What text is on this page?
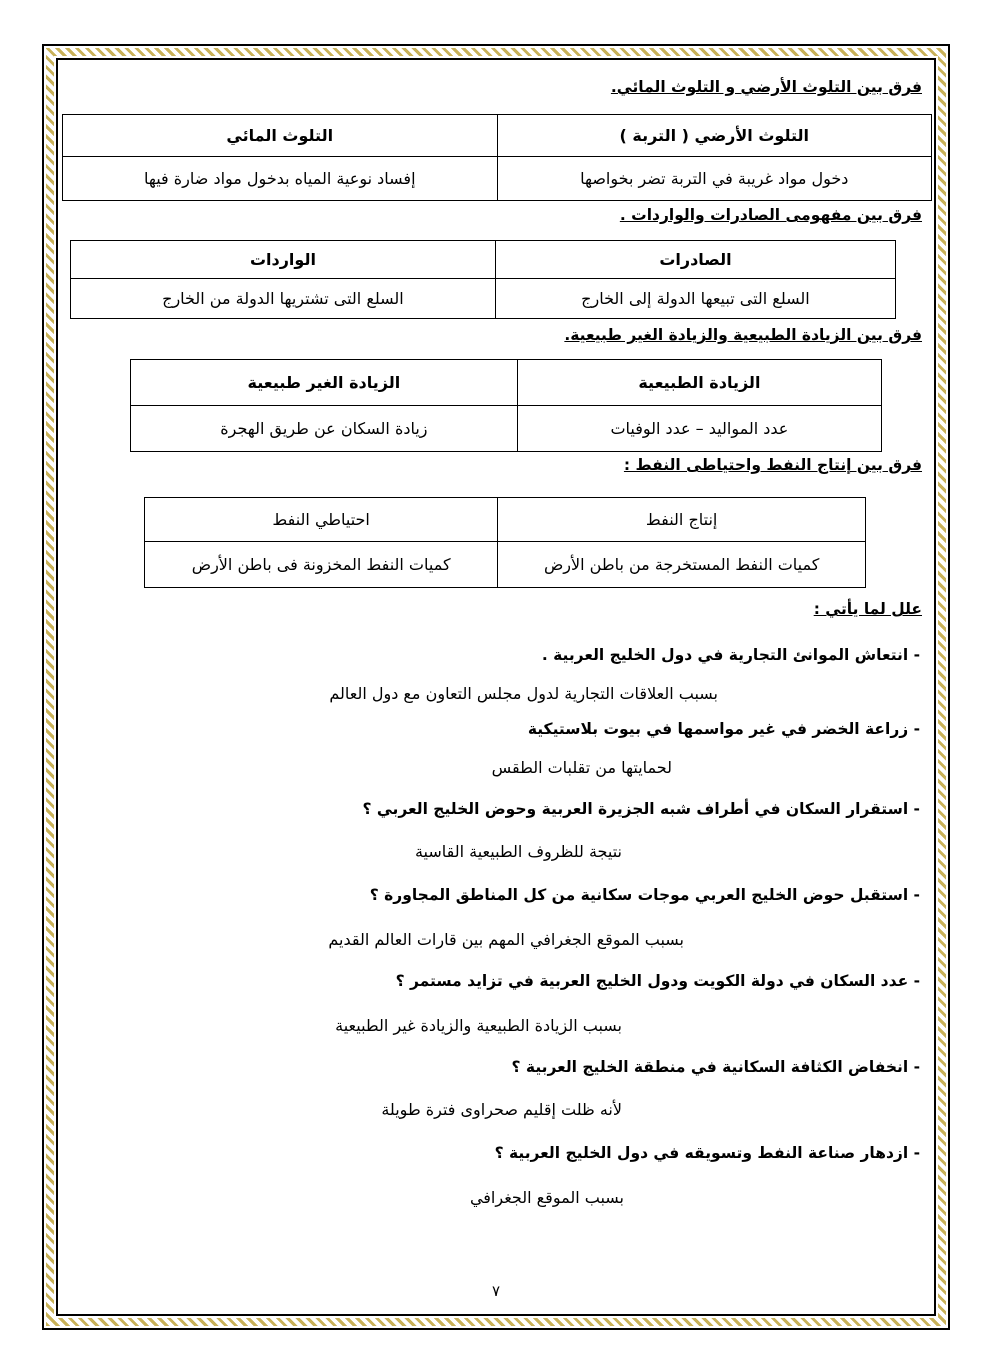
فرق بين التلوث الأرضي و التلوث المائي.
التلوث الأرضي ( التربة )	التلوث المائي
دخول مواد غريبة في التربة تضر بخواصها	إفساد نوعية المياه بدخول مواد ضارة فيها
فرق بين مفهومى الصادرات والواردات .
الصادرات	الواردات
السلع التى تبيعها الدولة إلى الخارج	السلع التى تشتريها الدولة من الخارج
فرق بين الزيادة الطبيعية والزيادة الغير طبيعية.
الزيادة الطبيعية	الزيادة الغير طبيعية
عدد المواليد – عدد الوفيات	زيادة السكان عن طريق الهجرة
فرق بين إنتاج النفط واحتياطى النفط :
إنتاج النفط	احتياطي النفط
كميات النفط المستخرجة من باطن الأرض	كميات النفط المخزونة فى باطن الأرض
علل لما يأتي :
- انتعاش الموانئ التجارية في دول الخليج العربية .
بسبب العلاقات التجارية لدول مجلس التعاون مع دول العالم
- زراعة الخضر في غير مواسمها في بيوت بلاستيكية
لحمايتها من تقلبات الطقس
- استقرار السكان في أطراف شبه الجزيرة العربية وحوض الخليج العربي ؟
نتيجة للظروف الطبيعية القاسية
- استقبل حوض الخليج العربي موجات سكانية من كل المناطق المجاورة ؟
بسبب الموقع الجغرافي المهم بين قارات العالم القديم
- عدد السكان في دولة الكويت ودول الخليج العربية في تزايد مستمر ؟
بسبب الزيادة الطبيعية والزيادة غير الطبيعية
- انخفاض الكثافة السكانية في منطقة الخليج العربية ؟
لأنه ظلت إقليم صحراوى فترة طويلة
- ازدهار صناعة النفط وتسويقه في دول الخليج العربية ؟
بسبب الموقع الجغرافي
٧
